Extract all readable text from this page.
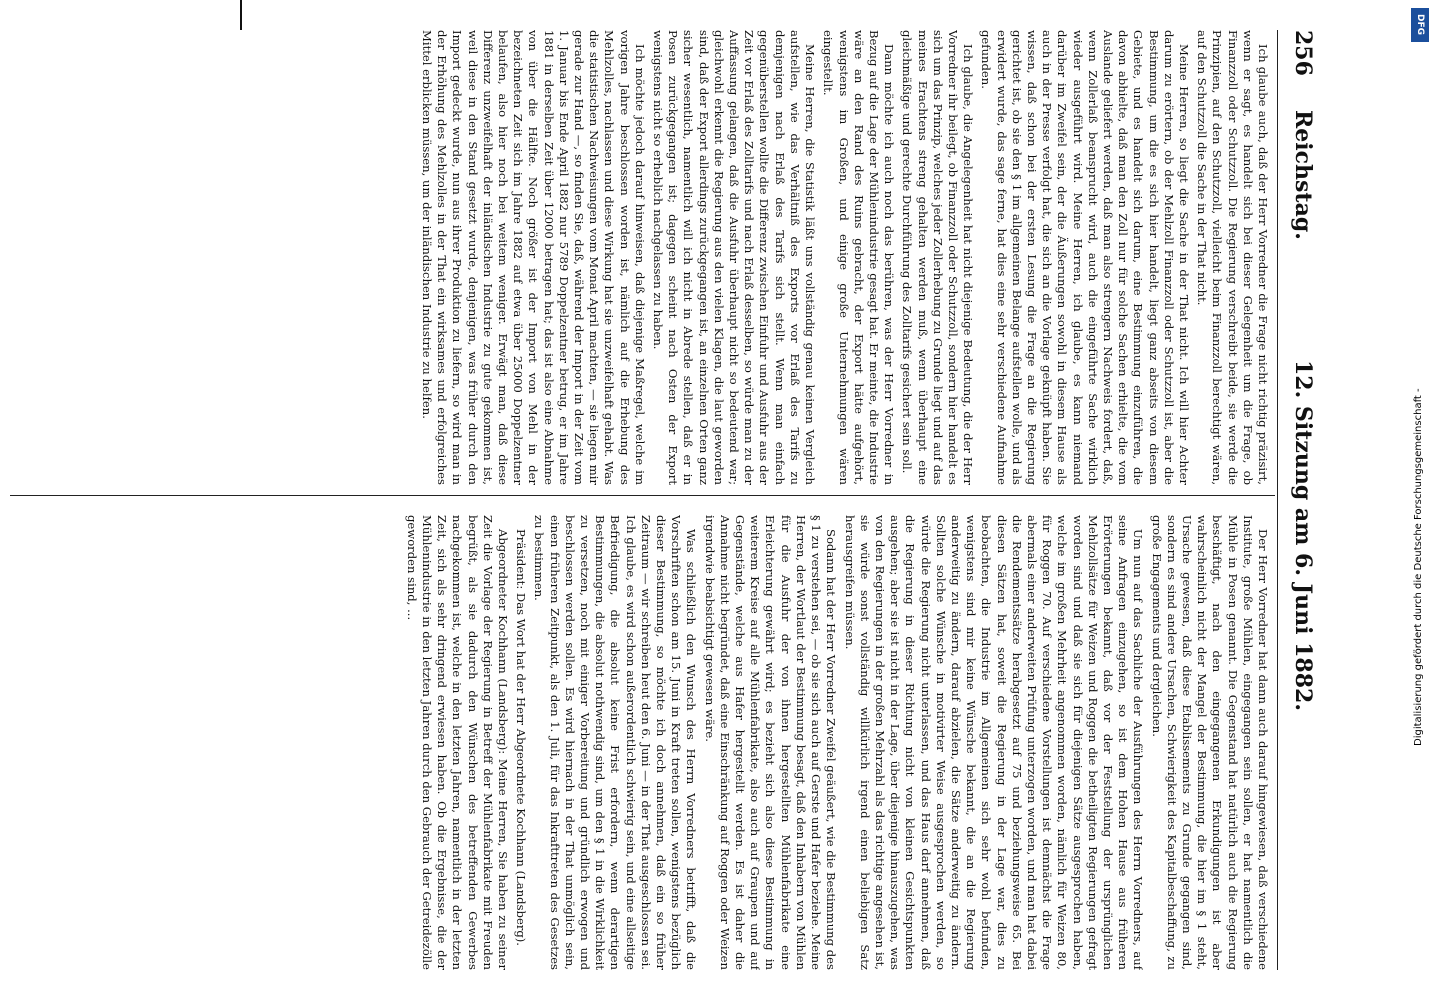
256
Reichstag.
12. Sitzung am 6. Juni 1882.

Ich glaube auch, daß der Herr Vorredner die Frage nicht richtig präzisirt, wenn er sagt, es handelt sich bei dieser Gelegenheit um die Frage, ob Finanzzoll oder Schutzzoll. Die Regierung verschreibt beide, sie werde die Prinzipien, auf den Schutzzoll, vielleicht beim Finanzzoll berechtigt wären, auf den Schutzzoll die Sache in der That nicht.

Meine Herren, so liegt die Sache in der That nicht. Ich will hier Achter darum zu erörtern, ob der Mehlzoll Finanzzoll oder Schutzzoll ist, aber die Bestimmung, um die es sich hier handelt, liegt ganz abseits von diesem Gebiete, und es handelt sich darum, eine Bestimmung einzuführen, die davon abhielte, daß man den Zoll nur für solche Sachen erhielte, die vom Auslande geliefert werden, daß man also strengern Nachweis fordert, daß, wenn Zollerlaß beansprucht wird, auch die eingeführte Sache wirklich wieder ausgeführt wird. Meine Herren, ich glaube, es kann niemand darüber im Zweifel sein, der die Äußerungen sowohl in diesem Hause als auch in der Presse verfolgt hat, die sich an die Vorlage geknüpft haben. Sie wissen, daß schon bei der ersten Lesung die Frage an die Regierung gerichtet ist, ob sie den § 1 im allgemeinen Belange aufstellen wolle, und als erwidert wurde, das sage ferne, hat dies eine sehr verschiedene Aufnahme gefunden.

Ich glaube, die Angelegenheit hat nicht diejenige Bedeutung, die der Herr Vorredner ihr beilegt, ob Finanzzoll oder Schutzzoll, sondern hier handelt es sich um das Prinzip, welches jeder Zollerhebung zu Grunde liegt und auf das meines Erachtens streng gehalten werden muß, wenn überhaupt eine gleichmäßige und gerechte Durchführung des Zolltarifs gesichert sein soll.

Dann möchte ich auch noch das berühren, was der Herr Vorredner in Bezug auf die Lage der Mühlenindustrie gesagt hat. Er meinte, die Industrie wäre an den Rand des Ruins gebracht, der Export hätte aufgehört, wenigstens im Großen, und einige große Unternehmungen wären eingestellt.

Meine Herren, die Statistik läßt uns vollständig genau keinen Vergleich aufstellen, wie das Verhältniß des Exports vor Erlaß des Tarifs zu demjenigen nach Erlaß des Tarifs sich stellt. Wenn man einfach gegenüberstellen wollte die Differenz zwischen Einfuhr und Ausfuhr aus der Zeit vor Erlaß des Zolltarifs und nach Erlaß desselben, so würde man zu der Auffassung gelangen, daß die Ausfuhr überhaupt nicht so bedeutend war; gleichwohl erkennt die Regierung aus den vielen Klagen, die laut geworden sind, daß der Export allerdings zurückgegangen ist, an einzelnen Orten ganz sicher wesentlich, namentlich will ich nicht in Abrede stellen, daß er in Posen zurückgegangen ist; dagegen scheint nach Osten der Export wenigstens nicht so erheblich nachgelassen zu haben.

Ich möchte jedoch darauf hinweisen, daß diejenige Maßregel, welche im vorigen Jahre beschlossen worden ist, nämlich auf die Erhebung des Mehlzolles, nachlassen und diese Wirkung hat sie unzweifelhaft gehabt. Was die statistischen Nachweisungen vom Monat April machten, — sie liegen mir gerade zur Hand —, so finden Sie, daß, während der Import in der Zeit vom 1. Januar bis Ende April 1882 nur 5789 Doppelzentner betrug, er im Jahre 1881 in derselben Zeit über 12000 betragen hat; das ist also eine Abnahme von über die Hälfte. Noch größer ist der Import von Mehl in der bezeichneten Zeit sich im Jahre 1882 auf etwa über 25000 Doppelzentner belaufen, also hier noch bei weitem weniger. Erwägt man, daß diese Differenz unzweifelhaft der inländischen Industrie zu gute gekommen ist, weil diese in den Stand gesetzt wurde, denjenigen, was früher durch den Import gedeckt wurde, nun aus ihrer Produktion zu liefern, so wird man in der Erhöhung des Mehlzolles in der That ein wirksames und erfolgreiches Mittel erblicken müssen, um der inländischen Industrie zu helfen.

Der Herr Vorredner hat dann auch darauf hingewiesen, daß verschiedene Institute, große Mühlen, eingegangen sein sollen, er hat namentlich die Mühle in Posen genannt. Die Gegenstand hat natürlich auch die Regierung beschäftigt, nach den eingegangenen Erkundigungen ist aber wahrscheinlich nicht der Mangel der Bestimmung, die hier im § 1 steht, Ursache gewesen, daß diese Etablissements zu Grunde gegangen sind, sondern es sind andere Ursachen, Schwierigkeit des Kapitalbeschaffung, zu große Engagements und dergleichen.

Um nun auf das Sachliche der Ausführungen des Herrn Vorredners, auf seine Anfragen einzugehen, so ist dem Hohen Hause aus früheren Erörterungen bekannt, daß vor der Feststellung der ursprünglichen Mehlzollsätze für Weizen und Roggen die betheiligten Regierungen gefragt worden sind und daß sie sich für diejenigen Sätze ausgesprochen haben, welche im großen Mehrheit angenommen worden, nämlich für Weizen 80, für Roggen 70. Auf verschiedene Vorstellungen ist demnächst die Frage abermals einer anderweiten Prüfung unterzogen worden, und man hat dabei die Rendementssätze herabgesetzt auf 75 und beziehungsweise 65. Bei diesen Sätzen hat, soweit die Regierung in der Lage war, dies zu beobachten, die Industrie im Allgemeinen sich sehr wohl befunden, wenigstens sind mir keine Wünsche bekannt, die an die Regierung anderweitig zu ändern, darauf abzielen, die Sätze anderweitig zu ändern. Sollten solche Wünsche in motivirter Weise ausgesprochen werden, so würde die Regierung nicht unterlassen, und das Haus darf annehmen, daß die Regierung in dieser Richtung nicht von kleinen Gesichtspunkten ausgehen; aber sie ist nicht in der Lage, über diejenige hinauszugehen, was von den Regierungen in der großen Mehrzahl als das richtige angesehen ist, sie würde sonst vollständig willkürlich irgend einen beliebigen Satz herausgreifen müssen.

Sodann hat der Herr Vorredner Zweifel geäußert, wie die Bestimmung des § 1 zu verstehen sei, — ob sie sich auch auf Gerste und Hafer beziehe. Meine Herren, der Wortlaut der Bestimmung besagt, daß den Inhabern von Mühlen für die Ausfuhr der von ihnen hergestellten Mühlenfabrikate eine Erleichterung gewährt wird; es bezieht sich also diese Bestimmung in weiterem Kreise auf alle Mühlenfabrikate, also auch auf Graupen und auf Gegenstände, welche aus Hafer hergestellt werden. Es ist daher die Annahme nicht begründet, daß eine Einschränkung auf Roggen oder Weizen irgendwie beabsichtigt gewesen wäre.

Was schließlich den Wunsch des Herrn Vorredners betrifft, daß die Vorschriften schon am 15. Juni in Kraft treten sollen, wenigstens bezüglich dieser Bestimmung, so möchte ich doch annehmen, daß ein so früher Zeitraum — wir schreiben heut den 6. Juni — in der That ausgeschlossen sei. Ich glaube, es wird schon außerordentlich schwierig sein, und eine allseitige Befriedigung, die absolut keine Frist erfordern, wenn derartigen Bestimmungen, die absolut nothwendig sind, um den § 1 in die Wirklichkeit zu versetzen, noch mit einiger Vorbereitung und gründlich erwogen und beschlossen werden sollen. Es wird hiernach in der That unmöglich sein, einen früheren Zeitpunkt, als den 1. Juli, für das Inkrafttreten des Gesetzes zu bestimmen.

Präsident: Das Wort hat der Herr Abgeordnete Kochhann (Landsberg).

Abgeordneter Kochhann (Landsberg): Meine Herren, Sie haben zu seiner Zeit die Vorlage der Regierung in Betreff der Mühlenfabrikate mit Freuden begrüßt, als sie dadurch den Wünschen des betreffenden Gewerbes nachgekommen ist, welche in den letzten Jahren, namentlich in der letzten Zeit, sich als sehr dringend erwiesen haben. Ob die Ergebnisse, die der Mühlenindustrie in den letzten Jahren durch den Gebrauch der Getreidezölle geworden sind, ...

DFG
Digitalisierung gefördert durch die Deutsche Forschungsgemeinschaft -
